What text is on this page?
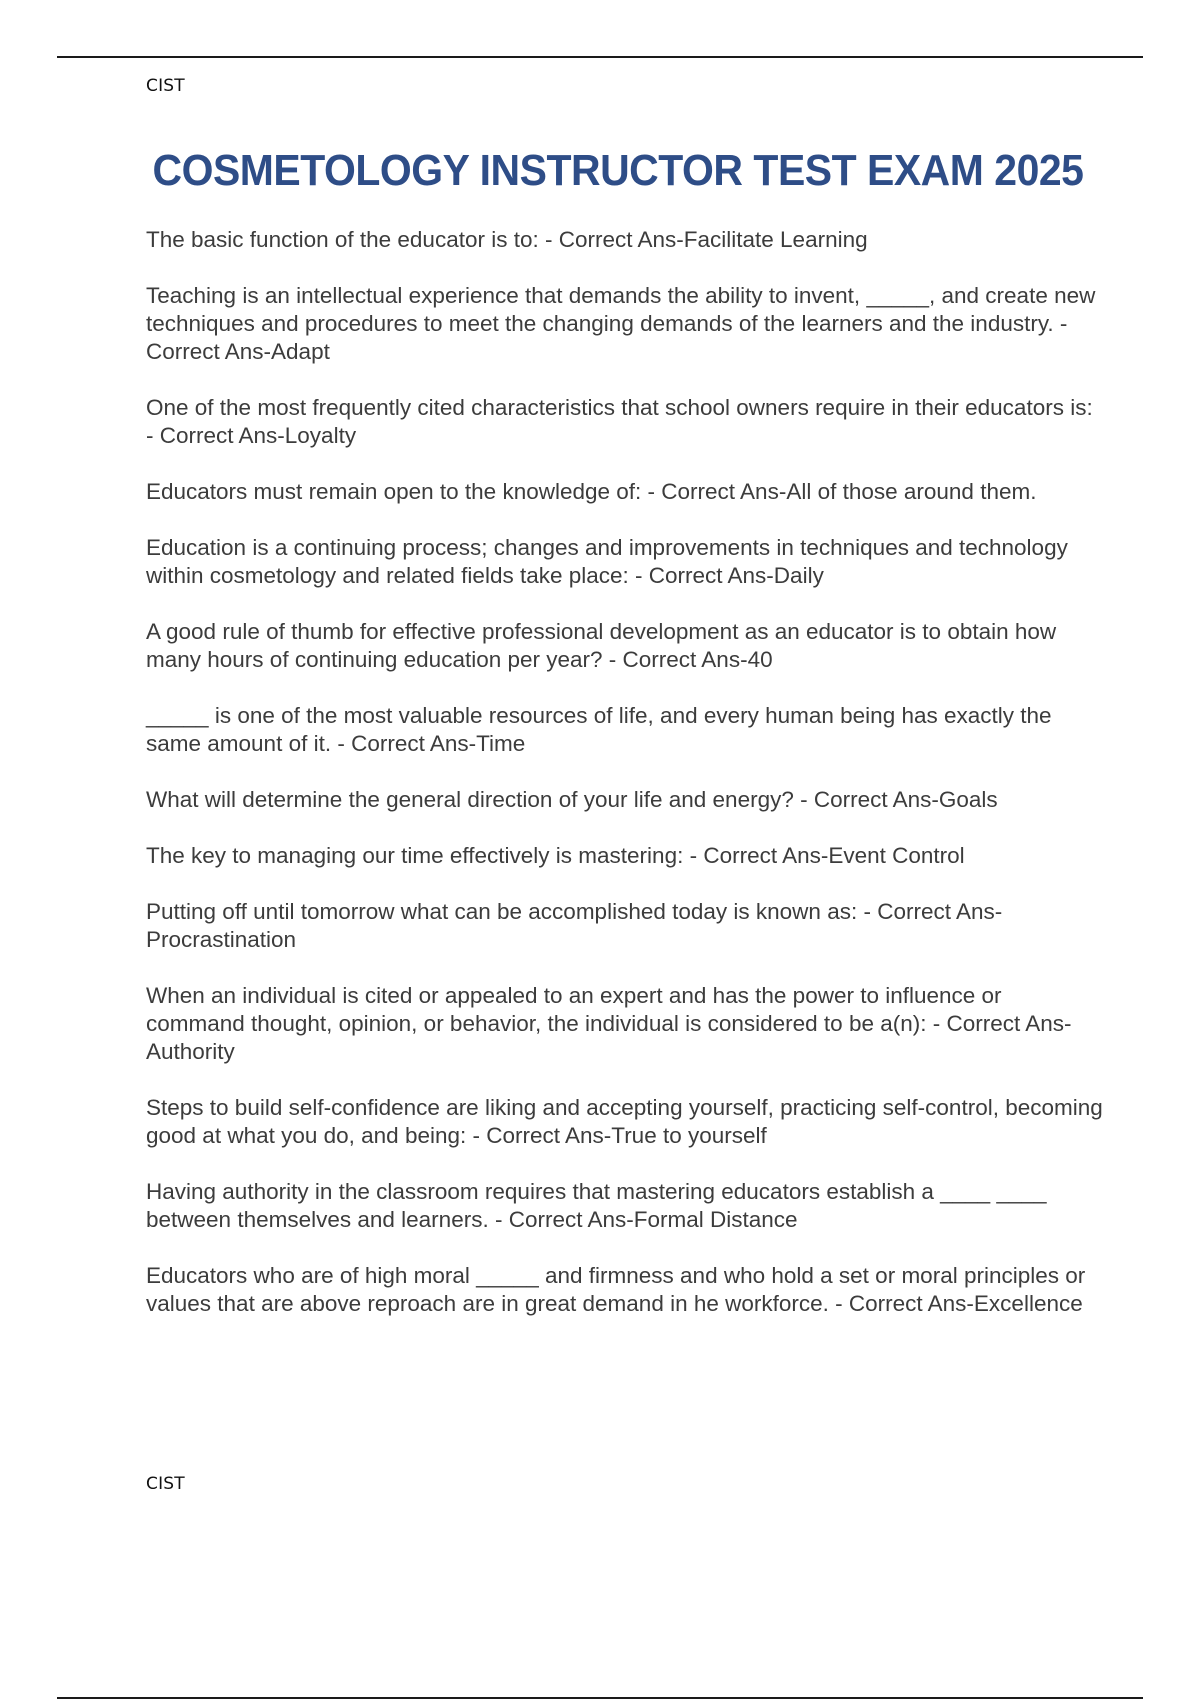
CIST
COSMETOLOGY INSTRUCTOR TEST EXAM 2025
The basic function of the educator is to: - Correct Ans-Facilitate Learning
Teaching is an intellectual experience that demands the ability to invent, _____, and create new techniques and procedures to meet the changing demands of the learners and the industry. - Correct Ans-Adapt
One of the most frequently cited characteristics that school owners require in their educators is: - Correct Ans-Loyalty
Educators must remain open to the knowledge of: - Correct Ans-All of those around them.
Education is a continuing process; changes and improvements in techniques and technology within cosmetology and related fields take place: - Correct Ans-Daily
A good rule of thumb for effective professional development as an educator is to obtain how many hours of continuing education per year? - Correct Ans-40
_____ is one of the most valuable resources of life, and every human being has exactly the same amount of it. - Correct Ans-Time
What will determine the general direction of your life and energy? - Correct Ans-Goals
The key to managing our time effectively is mastering: - Correct Ans-Event Control
Putting off until tomorrow what can be accomplished today is known as: - Correct Ans-Procrastination
When an individual is cited or appealed to an expert and has the power to influence or command thought, opinion, or behavior, the individual is considered to be a(n): - Correct Ans-Authority
Steps to build self-confidence are liking and accepting yourself, practicing self-control, becoming good at what you do, and being: - Correct Ans-True to yourself
Having authority in the classroom requires that mastering educators establish a ____ ____ between themselves and learners. - Correct Ans-Formal Distance
Educators who are of high moral _____ and firmness and who hold a set or moral principles or values that are above reproach are in great demand in he workforce. - Correct Ans-Excellence
CIST
